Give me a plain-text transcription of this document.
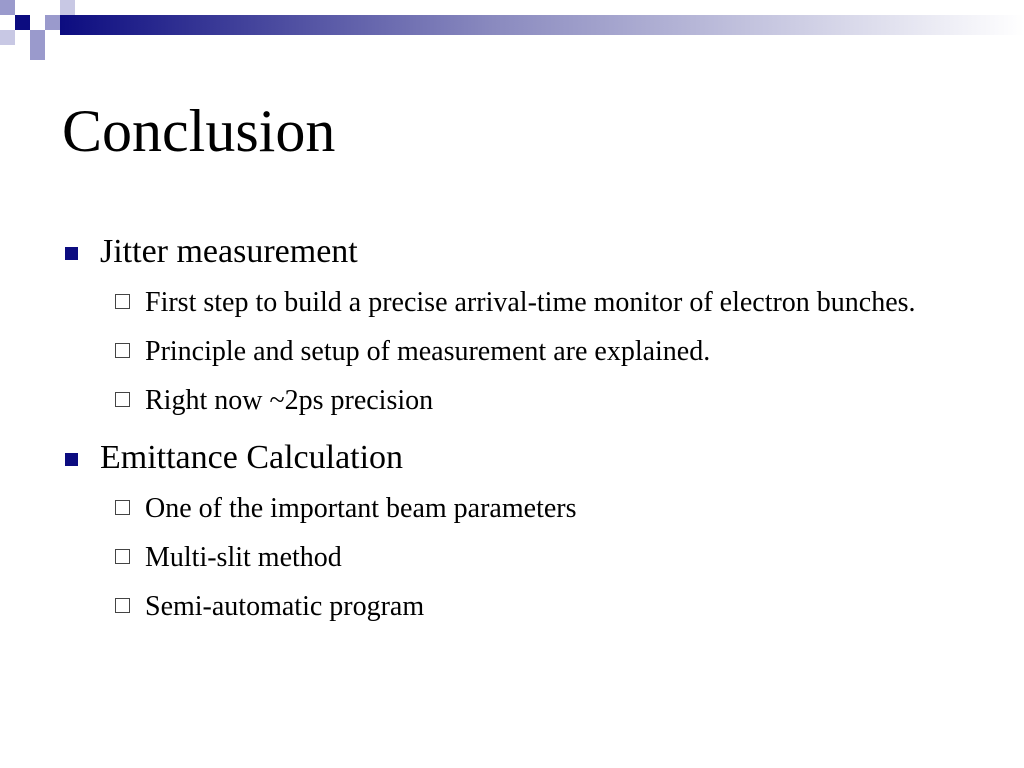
Conclusion
Jitter measurement
First step to build a precise arrival-time monitor of electron bunches.
Principle and setup of measurement are explained.
Right now ~2ps precision
Emittance Calculation
One of the important beam parameters
Multi-slit method
Semi-automatic program
